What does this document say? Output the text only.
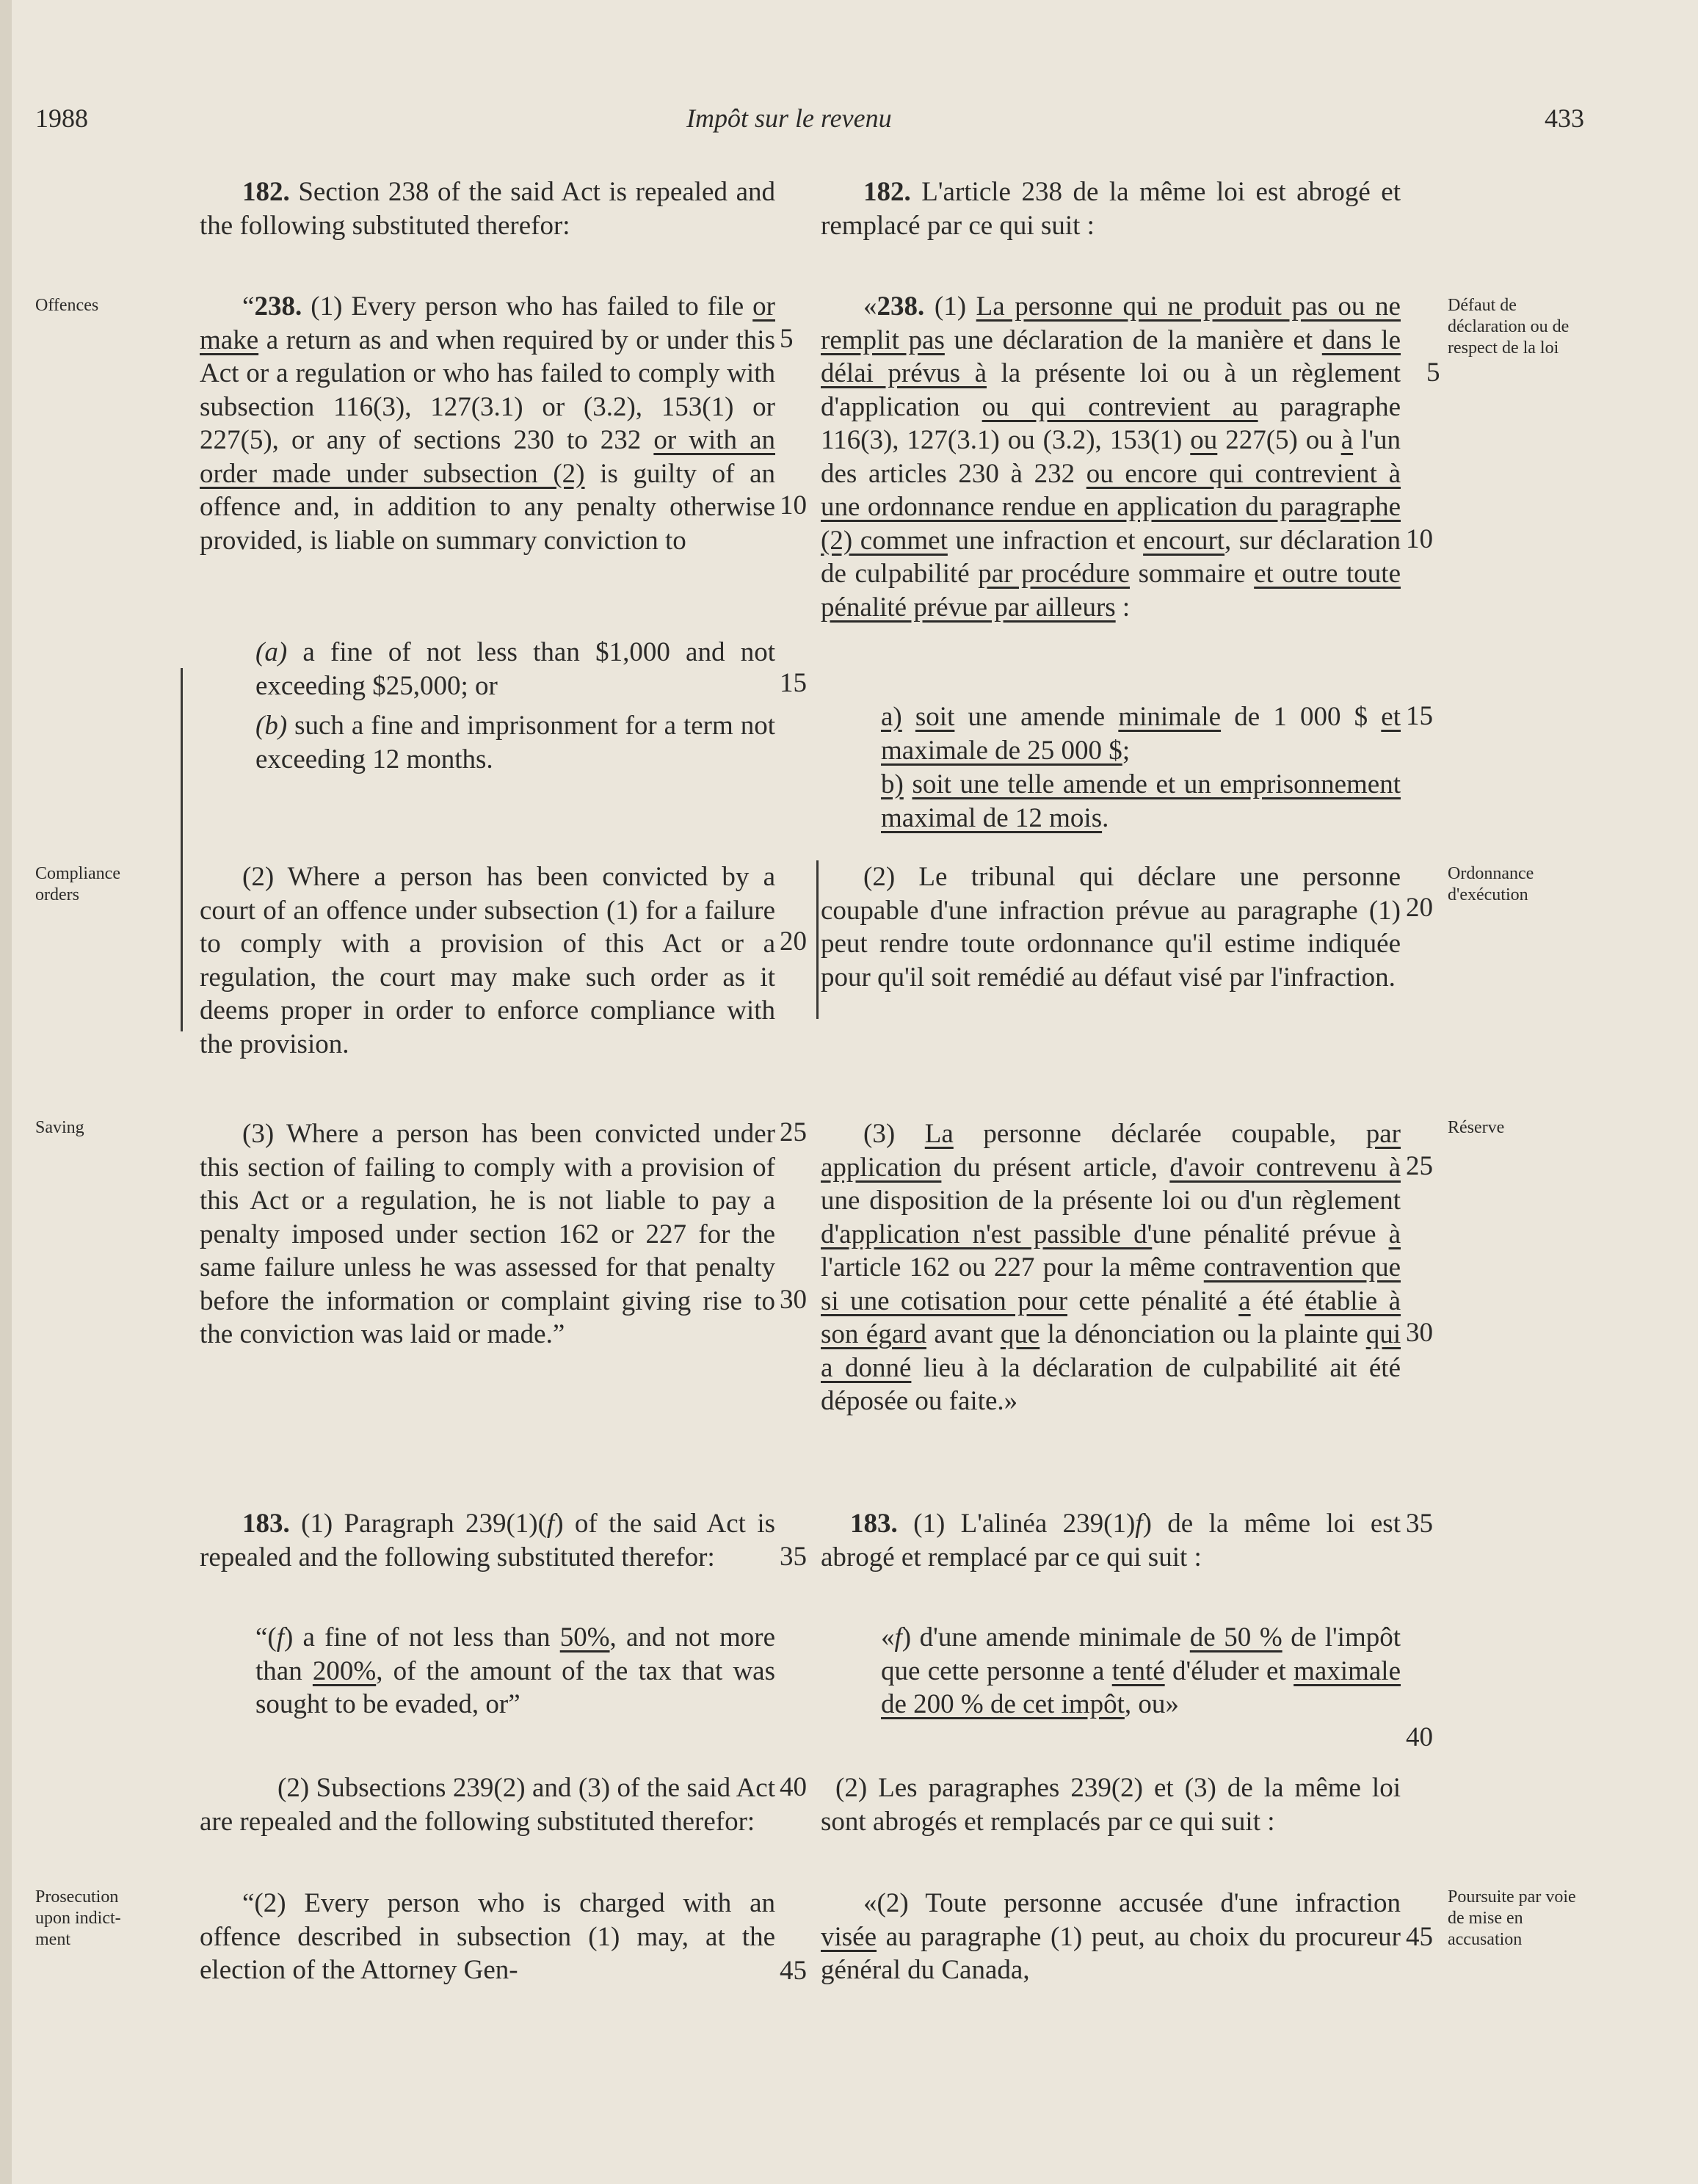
1988	Impôt sur le revenu	433
Offences
Compliance orders
Saving
Prosecution upon indict- ment
Défaut de déclaration ou de respect de la loi
Ordonnance d'exécution
Réserve
Poursuite par voie de mise en accusation
5
10
15
20
25
30
35
40
45
5
10
15
20
25
30
35
40
45
182. Section 238 of the said Act is repealed and the following substituted therefor:
“238. (1) Every person who has failed to file or make a return as and when required by or under this Act or a regulation or who has failed to comply with subsection 116(3), 127(3.1) or (3.2), 153(1) or 227(5), or any of sections 230 to 232 or with an order made under subsection (2) is guilty of an offence and, in addition to any penalty otherwise provided, is liable on summary conviction to
(a) a fine of not less than $1,000 and not exceeding $25,000; or
(b) such a fine and imprisonment for a term not exceeding 12 months.
(2) Where a person has been convicted by a court of an offence under subsection (1) for a failure to comply with a provision of this Act or a regulation, the court may make such order as it deems proper in order to enforce compliance with the provision.
(3) Where a person has been convicted under this section of failing to comply with a provision of this Act or a regulation, he is not liable to pay a penalty imposed under section 162 or 227 for the same failure unless he was assessed for that penalty before the information or complaint giving rise to the conviction was laid or made.”
183. (1) Paragraph 239(1)(f) of the said Act is repealed and the following substituted therefor:
“(f) a fine of not less than 50%, and not more than 200%, of the amount of the tax that was sought to be evaded, or”
(2) Subsections 239(2) and (3) of the said Act are repealed and the following substituted therefor:
“(2) Every person who is charged with an offence described in subsection (1) may, at the election of the Attorney Gen-
182. L'article 238 de la même loi est abrogé et remplacé par ce qui suit :
«238. (1) La personne qui ne produit pas ou ne remplit pas une déclaration de la manière et dans le délai prévus à la présente loi ou à un règlement d'application ou qui contrevient au paragraphe 116(3), 127(3.1) ou (3.2), 153(1) ou 227(5) ou à l'un des articles 230 à 232 ou encore qui contrevient à une ordonnance rendue en application du paragraphe (2) commet une infraction et encourt, sur déclaration de culpabilité par procédure sommaire et outre toute pénalité prévue par ailleurs :
a) soit une amende minimale de 1 000 $ et maximale de 25 000 $;
b) soit une telle amende et un emprisonnement maximal de 12 mois.
(2) Le tribunal qui déclare une personne coupable d'une infraction prévue au paragraphe (1) peut rendre toute ordonnance qu'il estime indiquée pour qu'il soit remédié au défaut visé par l'infraction.
(3) La personne déclarée coupable, par application du présent article, d'avoir contrevenu à une disposition de la présente loi ou d'un règlement d'application n'est passible d'une pénalité prévue à l'article 162 ou 227 pour la même contravention que si une cotisation pour cette pénalité a été établie à son égard avant que la dénonciation ou la plainte qui a donné lieu à la déclaration de culpabilité ait été déposée ou faite.»
183. (1) L'alinéa 239(1)f) de la même loi est abrogé et remplacé par ce qui suit :
«f) d'une amende minimale de 50 % de l'impôt que cette personne a tenté d'éluder et maximale de 200 % de cet impôt, ou»
(2) Les paragraphes 239(2) et (3) de la même loi sont abrogés et remplacés par ce qui suit :
«(2) Toute personne accusée d'une infraction visée au paragraphe (1) peut, au choix du procureur général du Canada,
